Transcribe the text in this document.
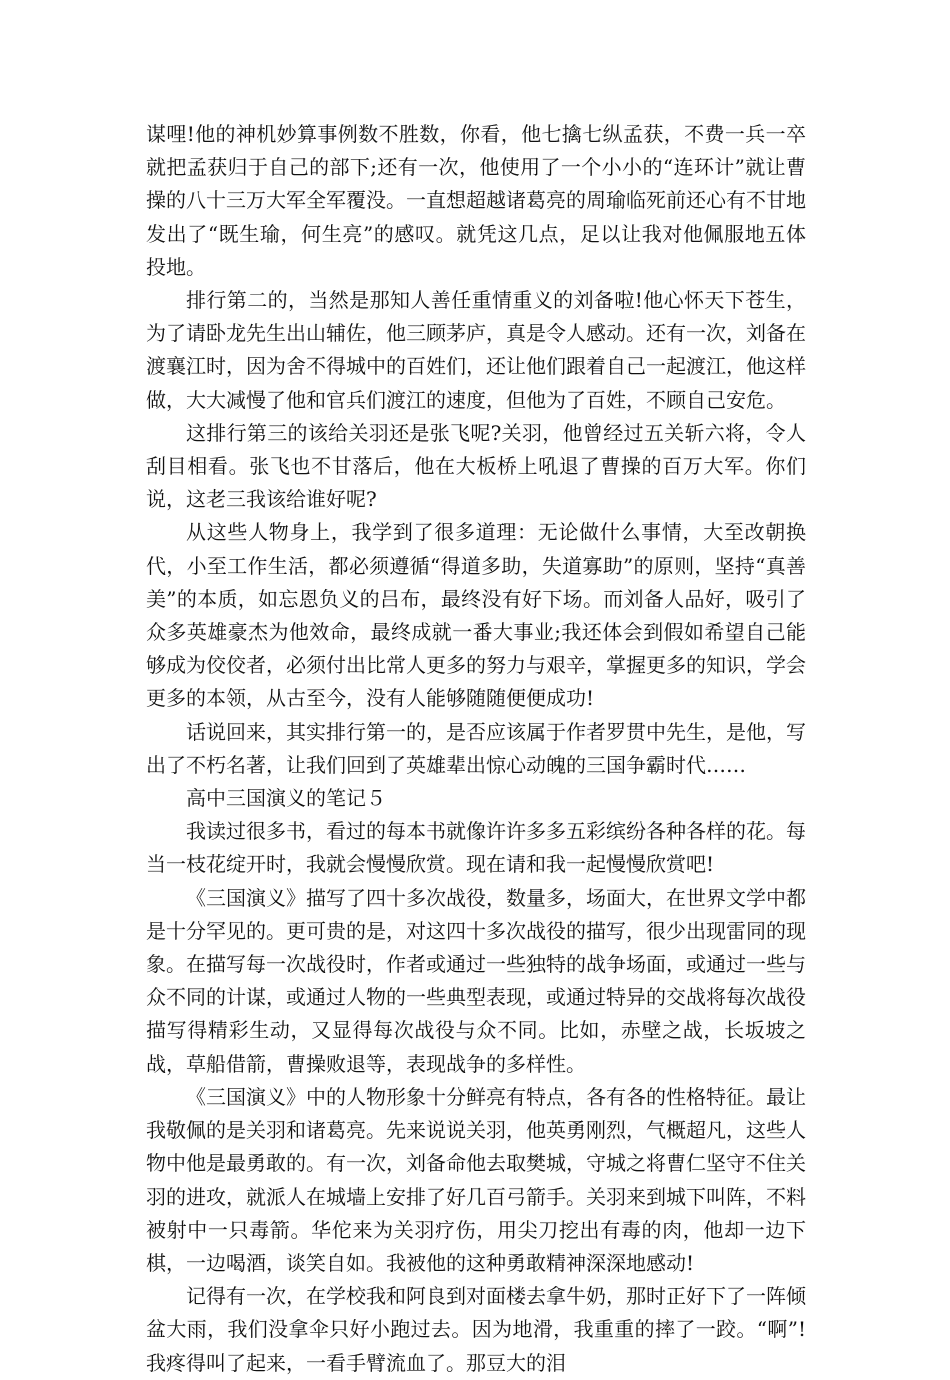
谋哩!他的神机妙算事例数不胜数，你看，他七擒七纵孟获，不费一兵一卒就把孟获归于自己的部下;还有一次，他使用了一个小小的“连环计”就让曹操的八十三万大军全军覆没。一直想超越诸葛亮的周瑜临死前还心有不甘地发出了“既生瑜，何生亮”的感叹。就凭这几点，足以让我对他佩服地五体投地。

排行第二的，当然是那知人善任重情重义的刘备啦!他心怀天下苍生，为了请卧龙先生出山辅佐，他三顾茅庐，真是令人感动。还有一次，刘备在渡襄江时，因为舍不得城中的百姓们，还让他们跟着自己一起渡江，他这样做，大大减慢了他和官兵们渡江的速度，但他为了百姓，不顾自己安危。

这排行第三的该给关羽还是张飞呢?关羽，他曾经过五关斩六将，令人刮目相看。张飞也不甘落后，他在大板桥上吼退了曹操的百万大军。你们说，这老三我该给谁好呢?

从这些人物身上，我学到了很多道理：无论做什么事情，大至改朝换代，小至工作生活，都必须遵循“得道多助，失道寡助”的原则，坚持“真善美”的本质，如忘恩负义的吕布，最终没有好下场。而刘备人品好，吸引了众多英雄豪杰为他效命，最终成就一番大事业;我还体会到假如希望自己能够成为佼佼者，必须付出比常人更多的努力与艰辛，掌握更多的知识，学会更多的本领，从古至今，没有人能够随随便便成功!

话说回来，其实排行第一的，是否应该属于作者罗贯中先生，是他，写出了不朽名著，让我们回到了英雄辈出惊心动魄的三国争霸时代……

高中三国演义的笔记５

我读过很多书，看过的每本书就像许许多多五彩缤纷各种各样的花。每当一枝花绽开时，我就会慢慢欣赏。现在请和我一起慢慢欣赏吧!

《三国演义》描写了四十多次战役，数量多，场面大，在世界文学中都是十分罕见的。更可贵的是，对这四十多次战役的描写，很少出现雷同的现象。在描写每一次战役时，作者或通过一些独特的战争场面，或通过一些与众不同的计谋，或通过人物的一些典型表现，或通过特异的交战将每次战役描写得精彩生动，又显得每次战役与众不同。比如，赤壁之战，长坂坡之战，草船借箭，曹操败退等，表现战争的多样性。

《三国演义》中的人物形象十分鲜亮有特点，各有各的性格特征。最让我敬佩的是关羽和诸葛亮。先来说说关羽，他英勇刚烈，气概超凡，这些人物中他是最勇敢的。有一次，刘备命他去取樊城，守城之将曹仁坚守不住关羽的进攻，就派人在城墙上安排了好几百弓箭手。关羽来到城下叫阵，不料被射中一只毒箭。华佗来为关羽疗伤，用尖刀挖出有毒的肉，他却一边下棋，一边喝酒，谈笑自如。我被他的这种勇敢精神深深地感动!

记得有一次，在学校我和阿良到对面楼去拿牛奶，那时正好下了一阵倾盆大雨，我们没拿伞只好小跑过去。因为地滑，我重重的摔了一跤。“啊”!我疼得叫了起来，一看手臂流血了。那豆大的泪
